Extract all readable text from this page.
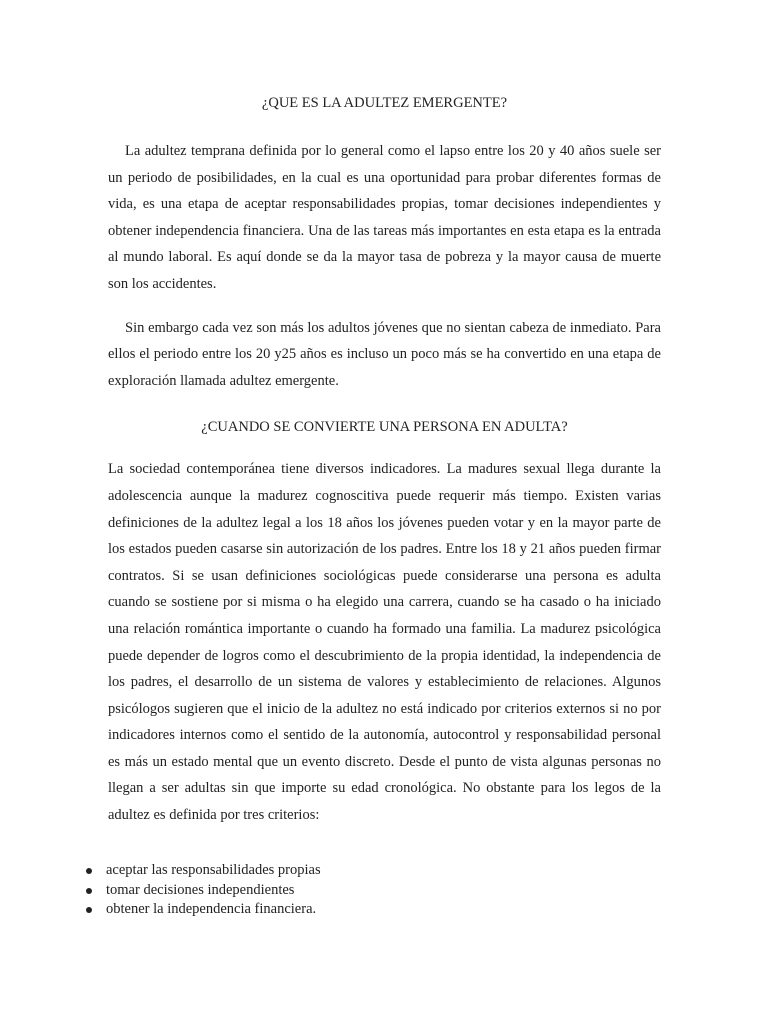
¿QUE ES LA ADULTEZ EMERGENTE?

La adultez temprana definida por lo general como el lapso entre los 20 y 40 años suele ser un periodo de posibilidades, en la cual es una oportunidad para probar diferentes formas de vida, es una etapa de aceptar responsabilidades propias, tomar decisiones independientes y obtener independencia financiera. Una de las tareas más importantes en esta etapa es la entrada al mundo laboral. Es aquí donde se da la mayor tasa de pobreza y la mayor causa de muerte son los accidentes.

Sin embargo cada vez son más los adultos jóvenes que no sientan cabeza de inmediato. Para ellos el periodo entre los 20 y25 años es incluso un poco más se ha convertido en una etapa de exploración llamada adultez emergente.

¿CUANDO SE CONVIERTE UNA PERSONA EN ADULTA?

La sociedad contemporánea tiene diversos indicadores. La madures sexual llega durante la adolescencia aunque la madurez cognoscitiva puede requerir más tiempo. Existen varias definiciones de la adultez legal a los 18 años los jóvenes pueden votar y en la mayor parte de los estados pueden casarse sin autorización de los padres. Entre los 18 y 21 años pueden firmar contratos. Si se usan definiciones sociológicas puede considerarse una persona es adulta cuando se sostiene por si misma o ha elegido una carrera, cuando se ha casado o ha iniciado una relación romántica importante o cuando ha formado una familia. La madurez psicológica puede depender de logros como el descubrimiento de la propia identidad, la independencia de los padres, el desarrollo de un sistema de valores y establecimiento de relaciones. Algunos psicólogos sugieren que el inicio de la adultez no está indicado por criterios externos si no por indicadores internos como el sentido de la autonomía, autocontrol y responsabilidad personal es más un estado mental que un evento discreto. Desde el punto de vista algunas personas no llegan a ser adultas sin que importe su edad cronológica. No obstante para los legos de la adultez es definida por tres criterios:

aceptar las responsabilidades propias
tomar decisiones independientes
obtener la independencia financiera.
